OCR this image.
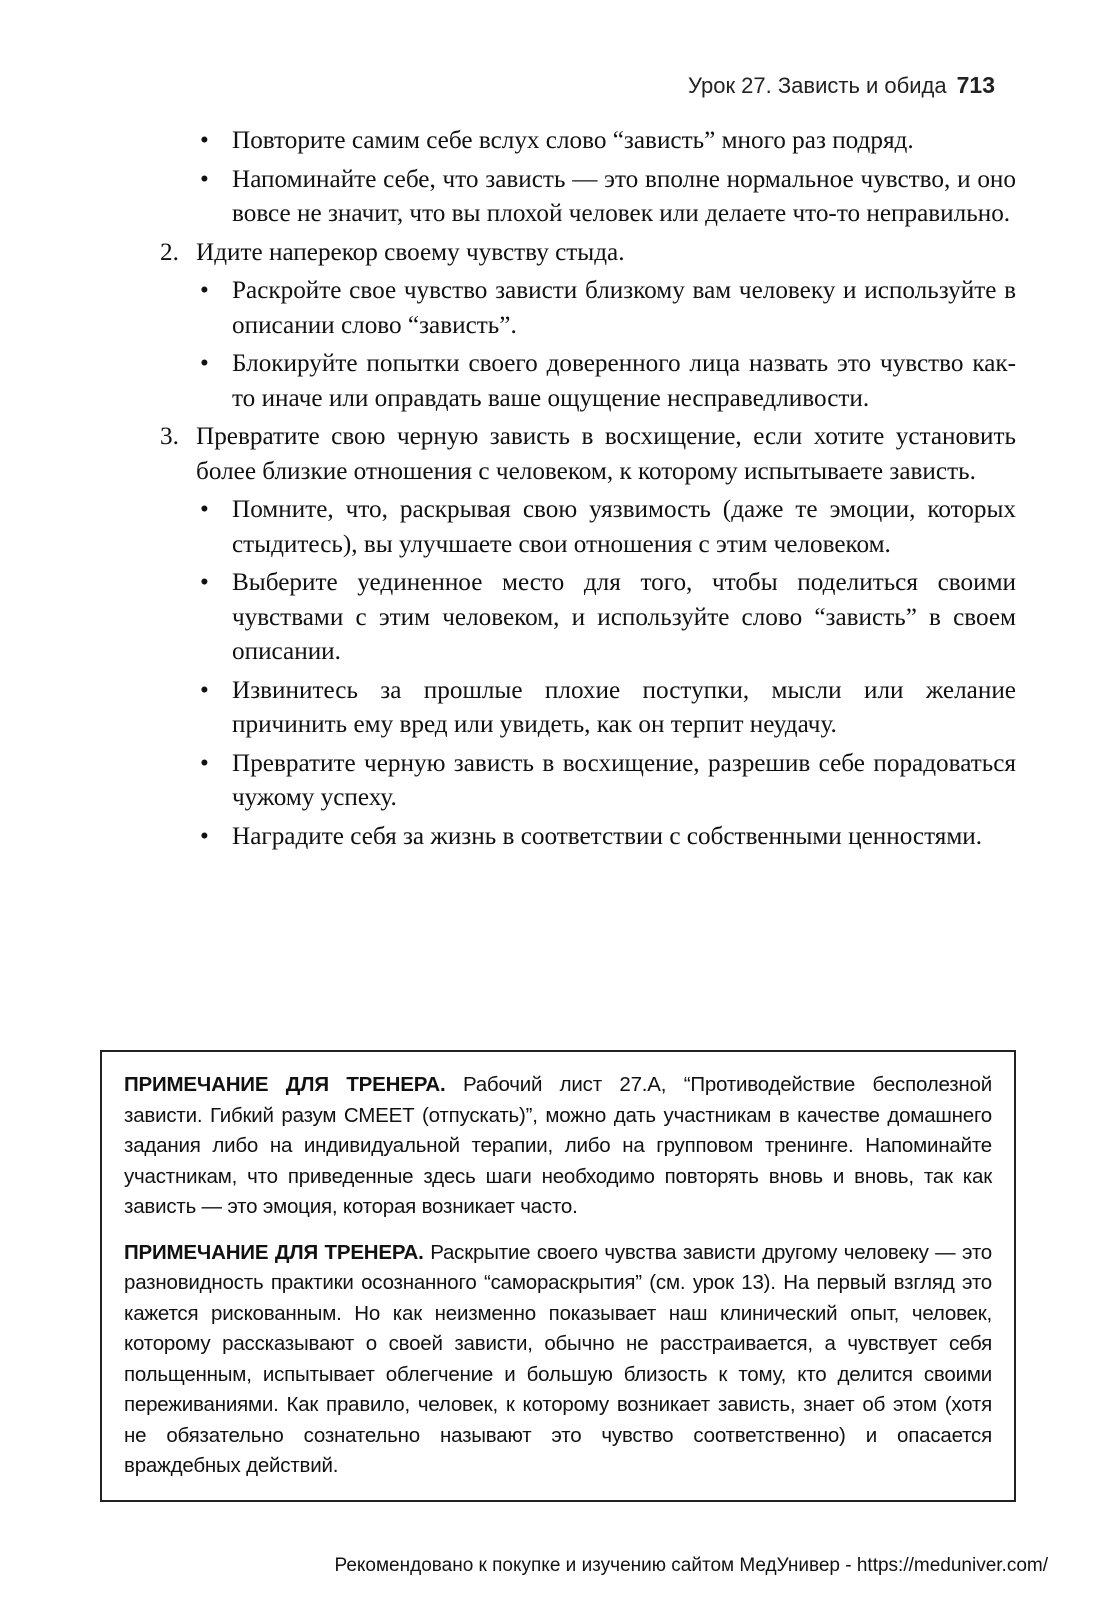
Урок 27. Зависть и обида 713
• Повторите самим себе вслух слово “зависть” много раз подряд.
• Напоминайте себе, что зависть — это вполне нормальное чувство, и оно вовсе не значит, что вы плохой человек или делаете что-то неправильно.
2. Идите наперекор своему чувству стыда.
• Раскройте свое чувство зависти близкому вам человеку и используйте в описании слово “зависть”.
• Блокируйте попытки своего доверенного лица назвать это чувство как-то иначе или оправдать ваше ощущение несправедливости.
3. Превратите свою черную зависть в восхищение, если хотите установить более близкие отношения с человеком, к которому испытываете зависть.
• Помните, что, раскрывая свою уязвимость (даже те эмоции, которых стыдитесь), вы улучшаете свои отношения с этим человеком.
• Выберите уединенное место для того, чтобы поделиться своими чувствами с этим человеком, и используйте слово “зависть” в своем описании.
• Извинитесь за прошлые плохие поступки, мысли или желание причинить ему вред или увидеть, как он терпит неудачу.
• Превратите черную зависть в восхищение, разрешив себе порадоваться чужому успеху.
• Наградите себя за жизнь в соответствии с собственными ценностями.

ПРИМЕЧАНИЕ ДЛЯ ТРЕНЕРА. Рабочий лист 27.А, “Противодействие бесполезной зависти. Гибкий разум СМЕЕТ (отпускать)”, можно дать участникам в качестве домашнего задания либо на индивидуальной терапии, либо на групповом тренинге. Напоминайте участникам, что приведенные здесь шаги необходимо повторять вновь и вновь, так как зависть — это эмоция, которая возникает часто.

ПРИМЕЧАНИЕ ДЛЯ ТРЕНЕРА. Раскрытие своего чувства зависти другому человеку — это разновидность практики осознанного “самораскрытия” (см. урок 13). На первый взгляд это кажется рискованным. Но как неизменно показывает наш клинический опыт, человек, которому рассказывают о своей зависти, обычно не расстраивается, а чувствует себя польщенным, испытывает облегчение и большую близость к тому, кто делится своими переживаниями. Как правило, человек, к которому возникает зависть, знает об этом (хотя не обязательно сознательно называют это чувство соответственно) и опасается враждебных действий.

Рекомендовано к покупке и изучению сайтом МедУнивер - https://meduniver.com/
